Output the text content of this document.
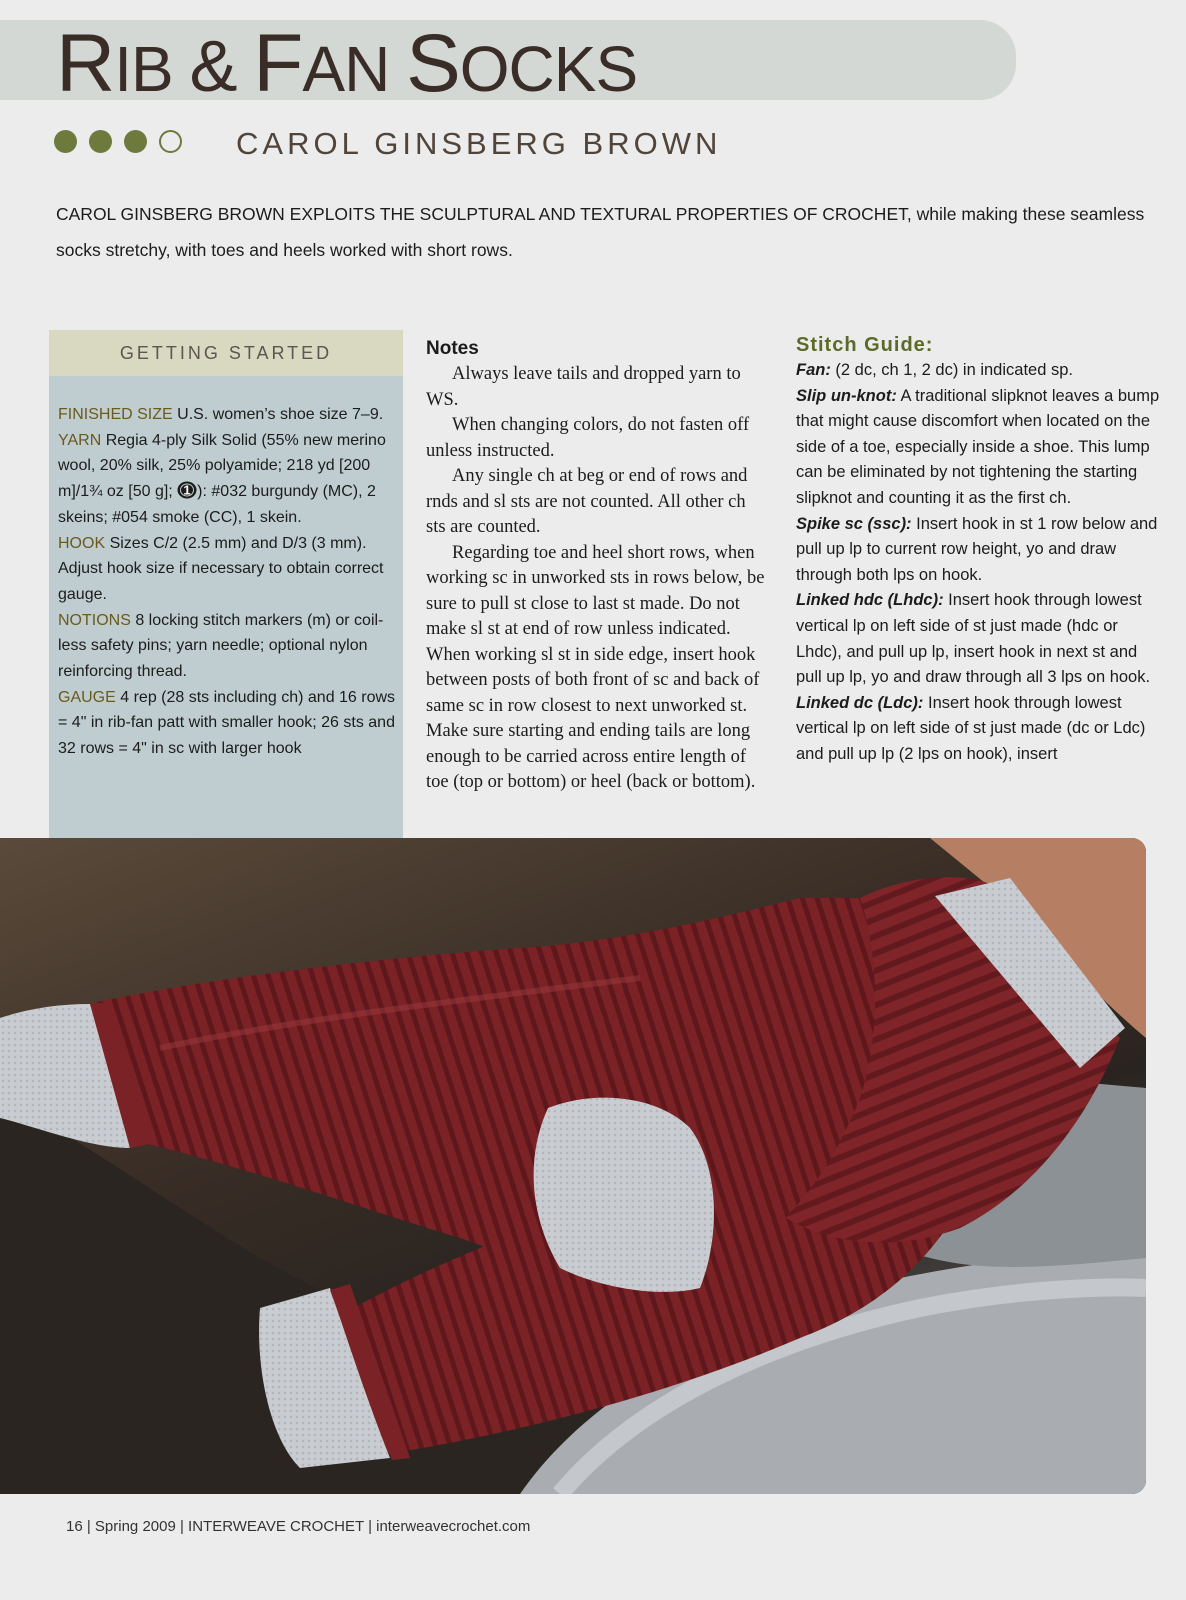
RIB & FAN SOCKS
CAROL GINSBERG BROWN

CAROL GINSBERG BROWN EXPLOITS THE SCULPTURAL AND TEXTURAL PROPERTIES OF CROCHET, while making these seamless socks stretchy, with toes and heels worked with short rows.

GETTING STARTED

FINISHED SIZE U.S. women’s shoe size 7–9.

YARN Regia 4-ply Silk Solid (55% new merino wool, 20% silk, 25% polyamide; 218 yd [200 m]/1¾ oz [50 g]; 1 ): #032 burgundy (MC), 2 skeins; #054 smoke (CC), 1 skein.

HOOK Sizes C/2 (2.5 mm) and D/3 (3 mm). Adjust hook size if necessary to obtain correct gauge.

NOTIONS 8 locking stitch markers (m) or coil-less safety pins; yarn needle; optional nylon reinforcing thread.

GAUGE 4 rep (28 sts including ch) and 16 rows = 4" in rib-fan patt with smaller hook; 26 sts and 32 rows = 4" in sc with larger hook

Notes

Always leave tails and dropped yarn to WS.

When changing colors, do not fasten off unless instructed.

Any single ch at beg or end of rows and rnds and sl sts are not counted. All other ch sts are counted.

Regarding toe and heel short rows, when working sc in unworked sts in rows below, be sure to pull st close to last st made. Do not make sl st at end of row unless indicated. When working sl st in side edge, insert hook between posts of both front of sc and back of same sc in row closest to next unworked st. Make sure starting and ending tails are long enough to be carried across entire length of toe (top or bottom) or heel (back or bottom).

Stitch Guide:

Fan: (2 dc, ch 1, 2 dc) in indicated sp.

Slip un-knot: A traditional slipknot leaves a bump that might cause discomfort when located on the side of a toe, especially inside a shoe. This lump can be eliminated by not tightening the starting slipknot and counting it as the first ch.

Spike sc (ssc): Insert hook in st 1 row below and pull up lp to current row height, yo and draw through both lps on hook.

Linked hdc (Lhdc): Insert hook through lowest vertical lp on left side of st just made (hdc or Lhdc), and pull up lp, insert hook in next st and pull up lp, yo and draw through all 3 lps on hook.

Linked dc (Ldc): Insert hook through lowest vertical lp on left side of st just made (dc or Ldc) and pull up lp (2 lps on hook), insert

16 | Spring 2009 | INTERWEAVE CROCHET | interweavecrochet.com
